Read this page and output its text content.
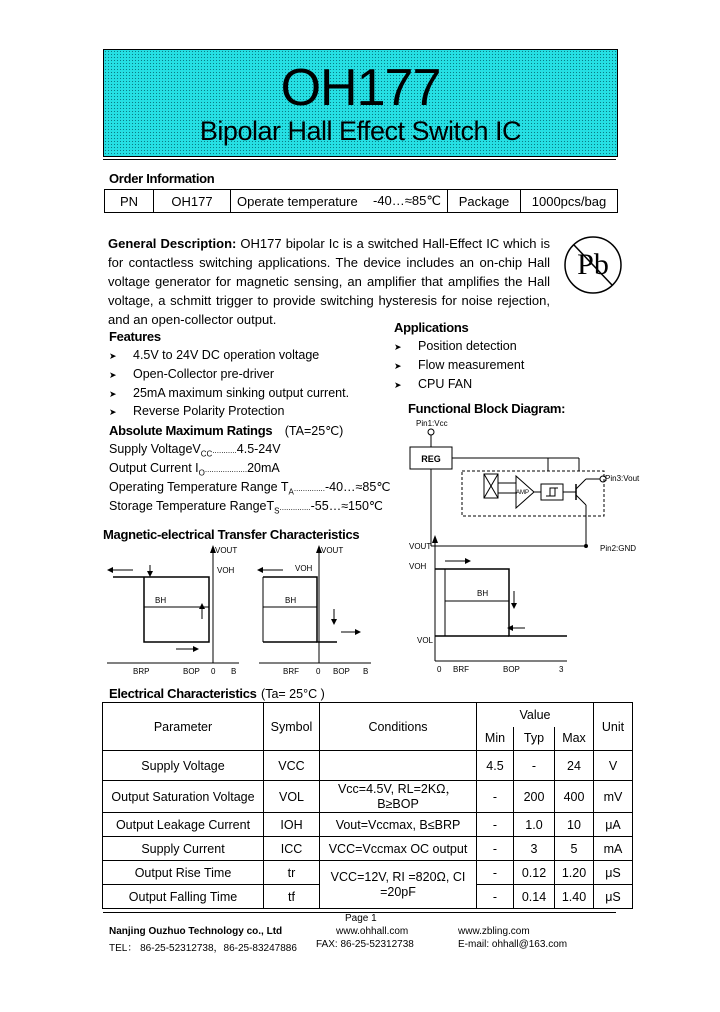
OH177
Bipolar Hall Effect Switch IC
Order Information
PN	OH177	Operate temperature	-40…≈85℃	Package	1000pcs/bag
General Description: OH177 bipolar Ic is a switched Hall-Effect IC which is for contactless switching applications. The device includes an on-chip Hall voltage generator for magnetic sensing, an amplifier that amplifies the Hall voltage, a schmitt trigger to provide switching hysteresis for noise rejection, and an open-collector output.
Pb
Features
➤ 4.5V to 24V DC operation voltage
➤ Open-Collector pre-driver
➤ 25mA maximum sinking output current.
➤ Reverse Polarity Protection
Applications
➤ Position detection
➤ Flow measurement
➤ CPU FAN
Absolute Maximum Ratings (TA=25℃)
Supply VoltageV$_{CC}$...........4.5-24V
Output Current $I_O...................20mA$
Operating Temperature Range $T_A..............-40\dots\approx 85℃$
Storage Temperature RangeT$_S$..............-55…≈150℃
Functional Block Diagram:
Pin1:Vcc
REG
AMP
Pin3:Vout
Pin2:GND
Magnetic-electrical Transfer Characteristics
VOUT
VOH
BH
BRP	BOP 0 B
VOUT
VOH
BH
BRF 0 BOP B
VOUT
VOH
VOL
BH
0 BRF	BOP	3
Electrical Characteristics (Ta= 25°C )
Parameter	Symbol	Conditions	Value			Unit
			Min	Typ	Max	
Supply Voltage	VCC		4.5	-	24	V
Output Saturation Voltage	VOL	Vcc=4.5V, RL=2KΩ， B≥BOP	-	200	400	mV
Output Leakage Current	IOH	Vout=Vccmax, B≤BRP	-	1.0	10	μA
Supply Current	ICC	VCC=Vccmax OC output	-	3	5	mA
Output Rise Time	tr	VCC=12V, RI =820Ω, CI =20pF	-	0.12	1.20	μS
Output Falling Time	tf		-	0.14	1.40	μS
Page 1
Nanjing Ouzhuo Technology co., Ltd	www.ohhall.com	www.zbling.com
TEL： 86-25-52312738，86-25-83247886 FAX: 86-25-52312738	E-mail: ohhall@163.com
